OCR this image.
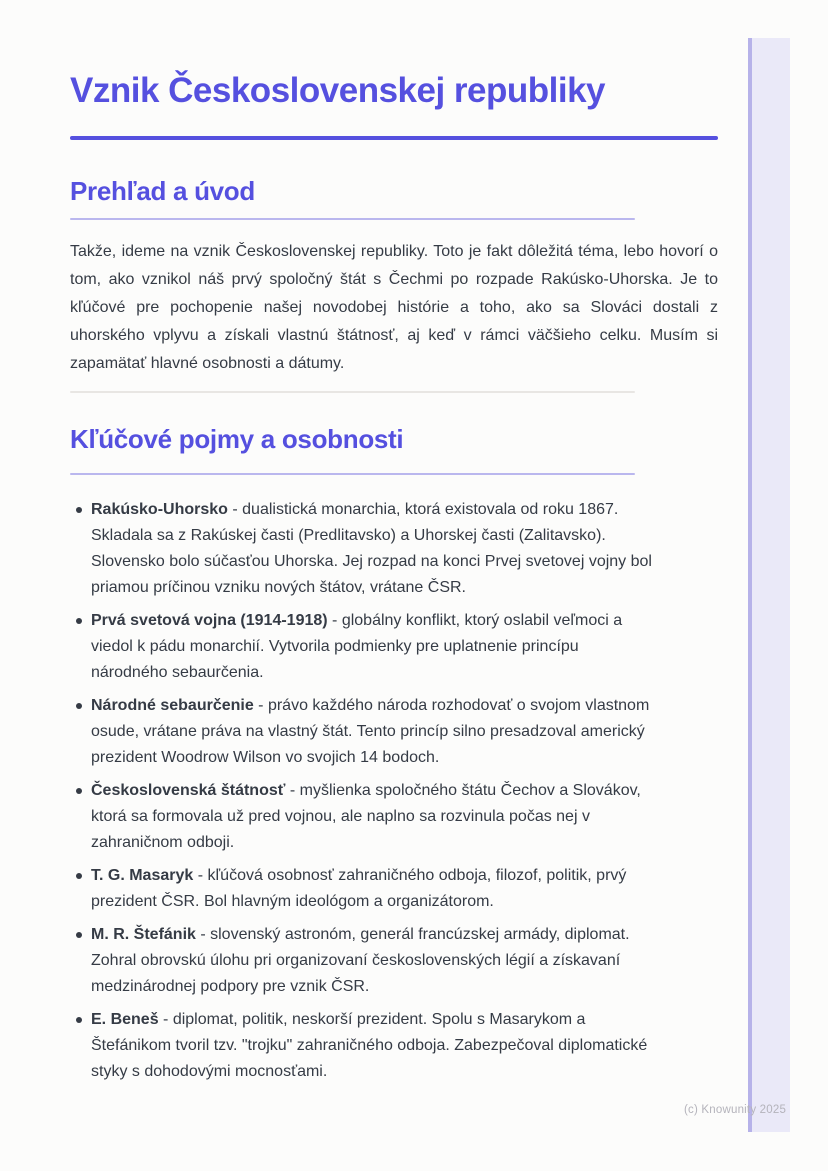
Vznik Československej republiky
Prehľad a úvod

Takže, ideme na vznik Československej republiky. Toto je fakt dôležitá téma, lebo hovorí o tom, ako vznikol náš prvý spoločný štát s Čechmi po rozpade Rakúsko-Uhorska. Je to kľúčové pre pochopenie našej novodobej histórie a toho, ako sa Slováci dostali z uhorského vplyvu a získali vlastnú štátnosť, aj keď v rámci väčšieho celku. Musím si zapamätať hlavné osobnosti a dátumy.

Kľúčové pojmy a osobnosti
Rakúsko-Uhorsko - dualistická monarchia, ktorá existovala od roku 1867. Skladala sa z Rakúskej časti (Predlitavsko) a Uhorskej časti (Zalitavsko). Slovensko bolo súčasťou Uhorska. Jej rozpad na konci Prvej svetovej vojny bol priamou príčinou vzniku nových štátov, vrátane ČSR.
Prvá svetová vojna (1914-1918) - globálny konflikt, ktorý oslabil veľmoci a viedol k pádu monarchií. Vytvorila podmienky pre uplatnenie princípu národného sebaurčenia.
Národné sebaurčenie - právo každého národa rozhodovať o svojom vlastnom osude, vrátane práva na vlastný štát. Tento princíp silno presadzoval americký prezident Woodrow Wilson vo svojich 14 bodoch.
Československá štátnosť - myšlienka spoločného štátu Čechov a Slovákov, ktorá sa formovala už pred vojnou, ale naplno sa rozvinula počas nej v zahraničnom odboji.
T. G. Masaryk - kľúčová osobnosť zahraničného odboja, filozof, politik, prvý prezident ČSR. Bol hlavným ideológom a organizátorom.
M. R. Štefánik - slovenský astronóm, generál francúzskej armády, diplomat. Zohral obrovskú úlohu pri organizovaní československých légií a získavaní medzinárodnej podpory pre vznik ČSR.
E. Beneš - diplomat, politik, neskorší prezident. Spolu s Masarykom a Štefánikom tvoril tzv. "trojku" zahraničného odboja. Zabezpečoval diplomatické styky s dohodovými mocnosťami.
(c) Knowunity 2025
